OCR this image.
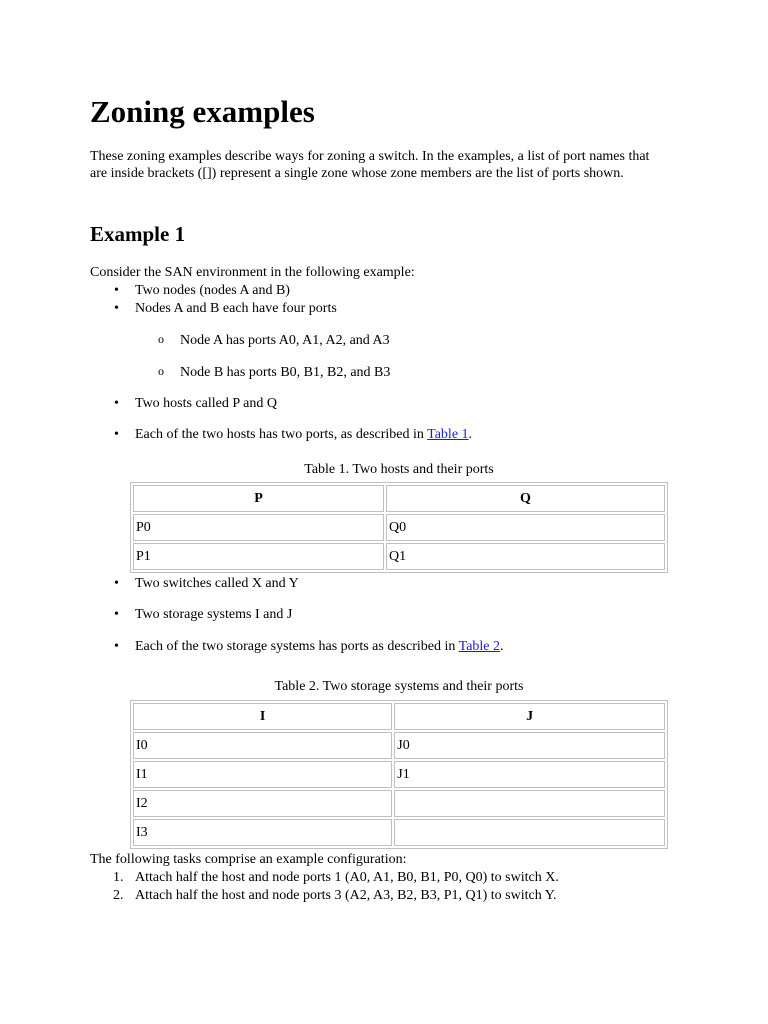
Zoning examples

These zoning examples describe ways for zoning a switch. In the examples, a list of port names that are inside brackets ([]) represent a single zone whose zone members are the list of ports shown.

Example 1

Consider the SAN environment in the following example:

• Two nodes (nodes A and B)

• Nodes A and B each have four ports

o Node A has ports A0, A1, A2, and A3

o Node B has ports B0, B1, B2, and B3

• Two hosts called P and Q

• Each of the two hosts has two ports, as described in Table 1.

Table 1. Two hosts and their ports

P	Q
P0	Q0
P1	Q1

• Two switches called X and Y

• Two storage systems I and J

• Each of the two storage systems has ports as described in Table 2.

Table 2. Two storage systems and their ports

I	J
I0	J0
I1	J1
I2	
I3	

The following tasks comprise an example configuration:

1. Attach half the host and node ports 1 (A0, A1, B0, B1, P0, Q0) to switch X.

2. Attach half the host and node ports 3 (A2, A3, B2, B3, P1, Q1) to switch Y.
